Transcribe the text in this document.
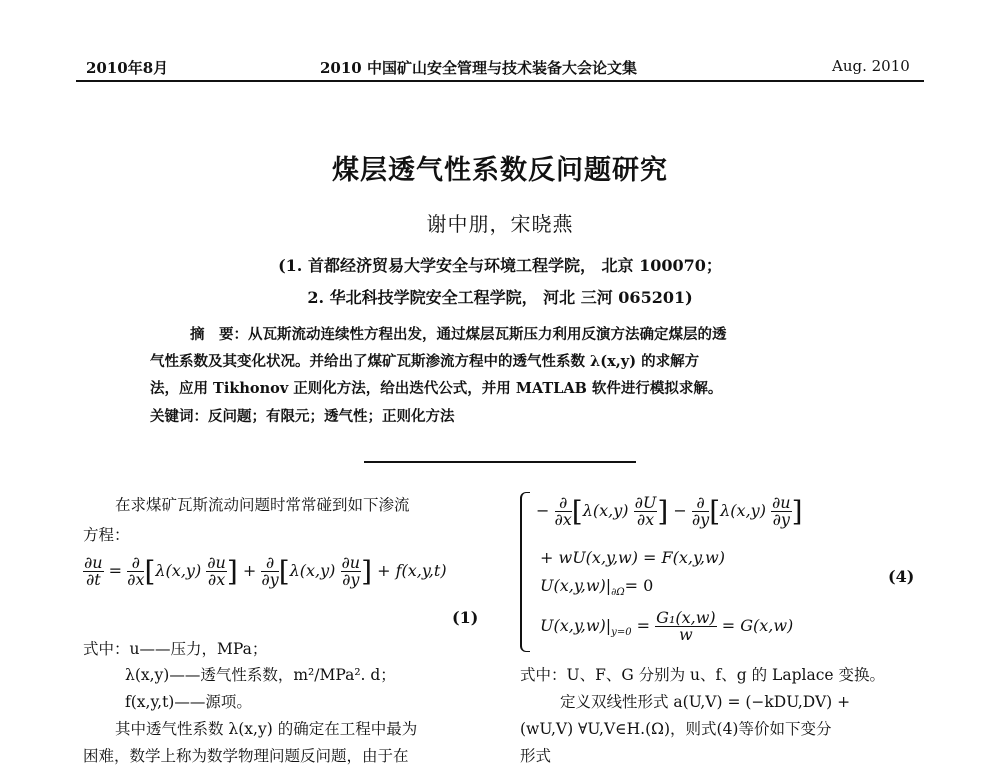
2010年8月	2010 中国矿山安全管理与技术装备大会论文集	Aug. 2010
煤层透气性系数反问题研究
谢中朋，宋晓燕
(1. 首都经济贸易大学安全与环境工程学院， 北京 100070；
2. 华北科技学院安全工程学院， 河北 三河 065201)
摘　要：从瓦斯流动连续性方程出发，通过煤层瓦斯压力利用反演方法确定煤层的透
气性系数及其变化状况。并给出了煤矿瓦斯渗流方程中的透气性系数 λ(x,y) 的求解方
法，应用 Tikhonov 正则化方法，给出迭代公式，并用 MATLAB 软件进行模拟求解。
关键词：反问题；有限元；透气性；正则化方法
在求煤矿瓦斯流动问题时常常碰到如下渗流
方程：
$\frac{\partial u}{\partial t} = \frac{\partial}{\partial x} [\lambda(x,y) \frac{\partial u}{\partial x}$ ] + $\frac{\partial}{\partial y} [\lambda(x,y) \frac{\partial u}{\partial y}$ ] + f(x,y,t)
(1)
式中：u——压力，MPa；
λ(x,y)——透气性系数，m²/MPa². d；
f(x,y,t)——源项。
其中透气性系数 λ(x,y) 的确定在工程中最为
困难，数学上称为数学物理问题反问题，由于在
− $\frac{\partial}{\partial x} [\lambda(x,y) \frac{\partial U}{\partial x}$ ] − $\frac{\partial}{\partial y} [\lambda(x,y) \frac{\partial u}{\partial y}$ ]
+ wU(x,y,w) = F(x,y,w)
$U(x,y,w)|_{\partial\Omega}= 0$
$U(x,y,w)|_{y=0} = \frac{\text{G₁(x,w)}}{w} = G(x,w)$
(4)
式中：U、F、G 分别为 u、f、g 的 Laplace 变换。
定义双线性形式 a(U,V) = (−kDU,DV) +
(wU,V) ∀U,V∈H.(Ω)，则式(4)等价如下变分
形式
